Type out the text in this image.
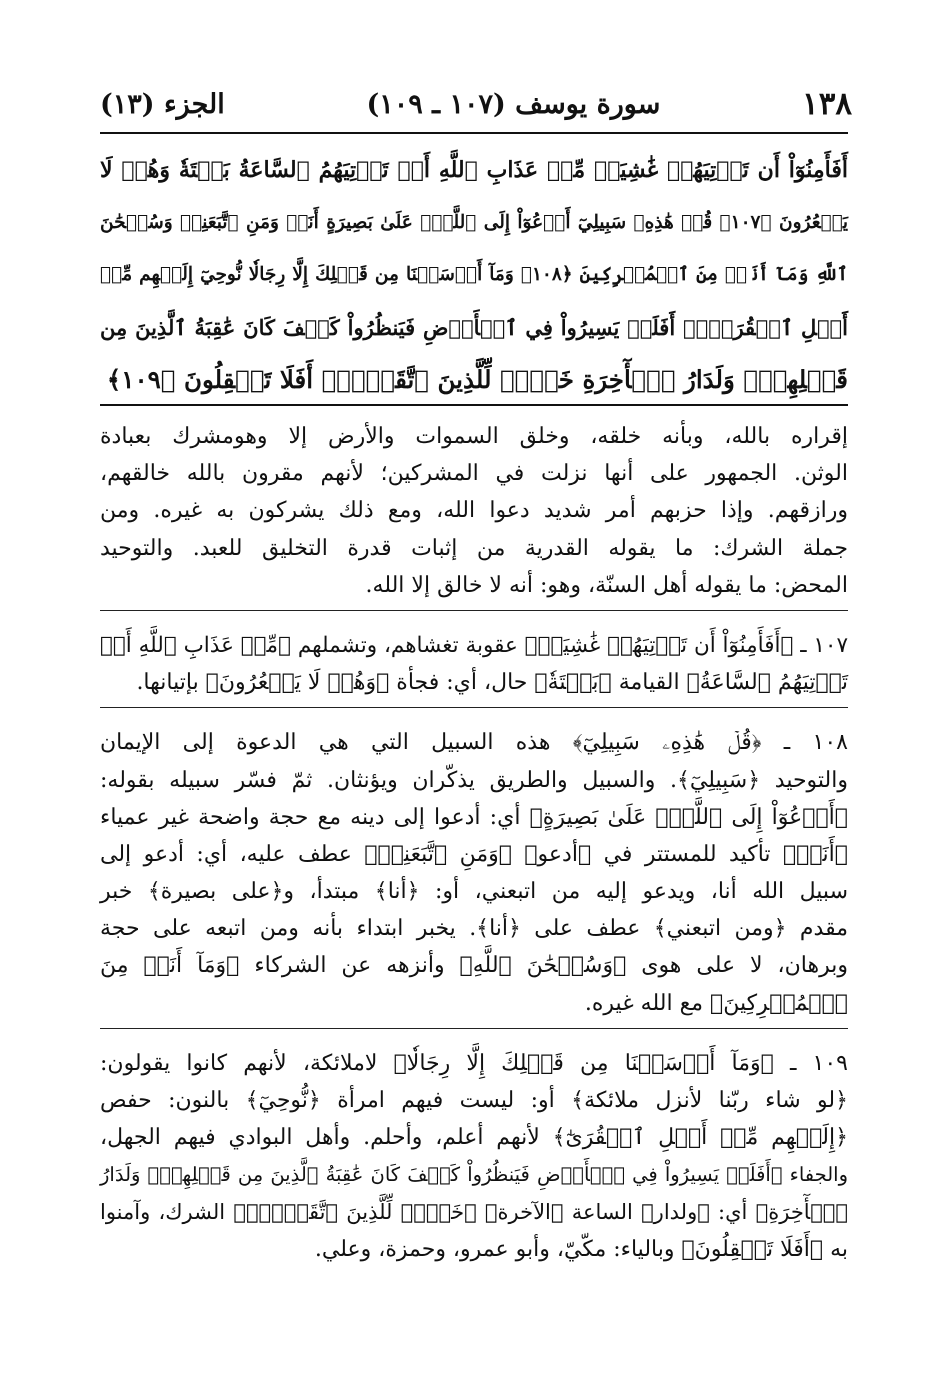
١٣٨
سورة يوسف (١٠٧ ـ ١٠٩)
الجزء (١٣)
أَفَأَمِنُوٓاْ أَن تَأۡتِيَهُمۡ غَٰشِيَةٞ مِّنۡ عَذَابِ ٱللَّهِ أَوۡ تَأۡتِيَهُمُ ٱلسَّاعَةُ بَغۡتَةٗ وَهُمۡ لَا
يَشۡعُرُونَ ﴿١٠٧﴾ قُلۡ هَٰذِهِۦ سَبِيلِيٓ أَدۡعُوٓاْ إِلَى ٱللَّهِۚ عَلَىٰ بَصِيرَةٍ أَنَا۠ وَمَنِ ٱتَّبَعَنِيۖ وَسُبۡحَٰنَ
ٱللَّهِ وَمَآ أَنَا۠ مِنَ ٱلۡمُشۡرِكِينَ ﴿١٠٨﴾ وَمَآ أَرۡسَلۡنَا مِن قَبۡلِكَ إِلَّا رِجَالٗا نُّوحِيٓ إِلَيۡهِم مِّنۡ
أَهۡلِ ٱلۡقُرَىٰٓۗ أَفَلَمۡ يَسِيرُواْ فِي ٱلۡأَرۡضِ فَيَنظُرُواْ كَيۡفَ كَانَ عَٰقِبَةُ ٱلَّذِينَ مِن
قَبۡلِهِمۡۗ وَلَدَارُ ٱلۡأٓخِرَةِ خَيۡرٞ لِّلَّذِينَ ٱتَّقَوۡاْۚ أَفَلَا تَعۡقِلُونَ ﴿١٠٩﴾
إقراره بالله، وبأنه خلقه، وخلق السموات والأرض إلا وهومشرك بعبادة
الوثن. الجمهور على أنها نزلت في المشركين؛ لأنهم مقرون بالله خالقهم،
ورازقهم. وإذا حزبهم أمر شديد دعوا الله، ومع ذلك يشركون به غيره. ومن
جملة الشرك: ما يقوله القدرية من إثبات قدرة التخليق للعبد. والتوحيد
المحض: ما يقوله أهل السنّة، وهو: أنه لا خالق إلا الله.
١٠٧ ـ ﴿أَفَأَمِنُوٓاْ أَن تَأۡتِيَهُمۡ غَٰشِيَةٞ﴾ عقوبة تغشاهم، وتشملهم ﴿مِّنۡ عَذَابِ ٱللَّهِ أَوۡ
تَأۡتِيَهُمُ ٱلسَّاعَةُ﴾ القيامة ﴿بَغۡتَةٗ﴾ حال، أي: فجأة ﴿وَهُمۡ لَا يَشۡعُرُونَ﴾ بإتيانها.
١٠٨ ـ ﴿قُلۡ هَٰذِهِۦ سَبِيلِيٓ﴾ هذه السبيل التي هي الدعوة إلى الإيمان
والتوحيد ﴿سَبِيلِيٓ﴾. والسبيل والطريق يذكّران ويؤنثان. ثمّ فسّر سبيله بقوله:
﴿أَدۡعُوٓاْ إِلَى ٱللَّهِۚ عَلَىٰ بَصِيرَةٍ﴾ أي: أدعوا إلى دينه مع حجة واضحة غير عمياء
﴿أَنَا۠﴾ تأكيد للمستتر في ﴿أدعو﴾ ﴿وَمَنِ ٱتَّبَعَنِيۖ﴾ عطف عليه، أي: أدعو إلى
سبيل الله أنا، ويدعو إليه من اتبعني، أو: ﴿أنا﴾ مبتدأ، و﴿على بصيرة﴾ خبر
مقدم ﴿ومن اتبعني﴾ عطف على ﴿أنا﴾. يخبر ابتداء بأنه ومن اتبعه على حجة
وبرهان، لا على هوى ﴿وَسُبۡحَٰنَ ٱللَّهِ﴾ وأنزهه عن الشركاء ﴿وَمَآ أَنَا۠ مِنَ
ٱلۡمُشۡرِكِينَ﴾ مع الله غيره.
١٠٩ ـ ﴿وَمَآ أَرۡسَلۡنَا مِن قَبۡلِكَ إِلَّا رِجَالٗا﴾ لاملائكة، لأنهم كانوا يقولون:
﴿لو شاء ربّنا لأنزل ملائكة﴾ أو: ليست فيهم امرأة ﴿نُّوحِيٓ﴾ بالنون: حفص
﴿إِلَيۡهِم مِّنۡ أَهۡلِ ٱلۡقُرَىٰٓ﴾ لأنهم أعلم، وأحلم. وأهل البوادي فيهم الجهل،
والجفاء ﴿أَفَلَمۡ يَسِيرُواْ فِي ٱلۡأَرۡضِ فَيَنظُرُواْ كَيۡفَ كَانَ عَٰقِبَةُ ٱلَّذِينَ مِن قَبۡلِهِمۡۗ وَلَدَارُ
ٱلۡأٓخِرَةِ﴾ أي: ﴿ولدار﴾ الساعة ﴿الآخرة﴾ ﴿خَيۡرٞ لِّلَّذِينَ ٱتَّقَوۡاْۚ﴾ الشرك، وآمنوا
به ﴿أَفَلَا تَعۡقِلُونَ﴾ وبالياء: مكّيّ، وأبو عمرو، وحمزة، وعلي.
